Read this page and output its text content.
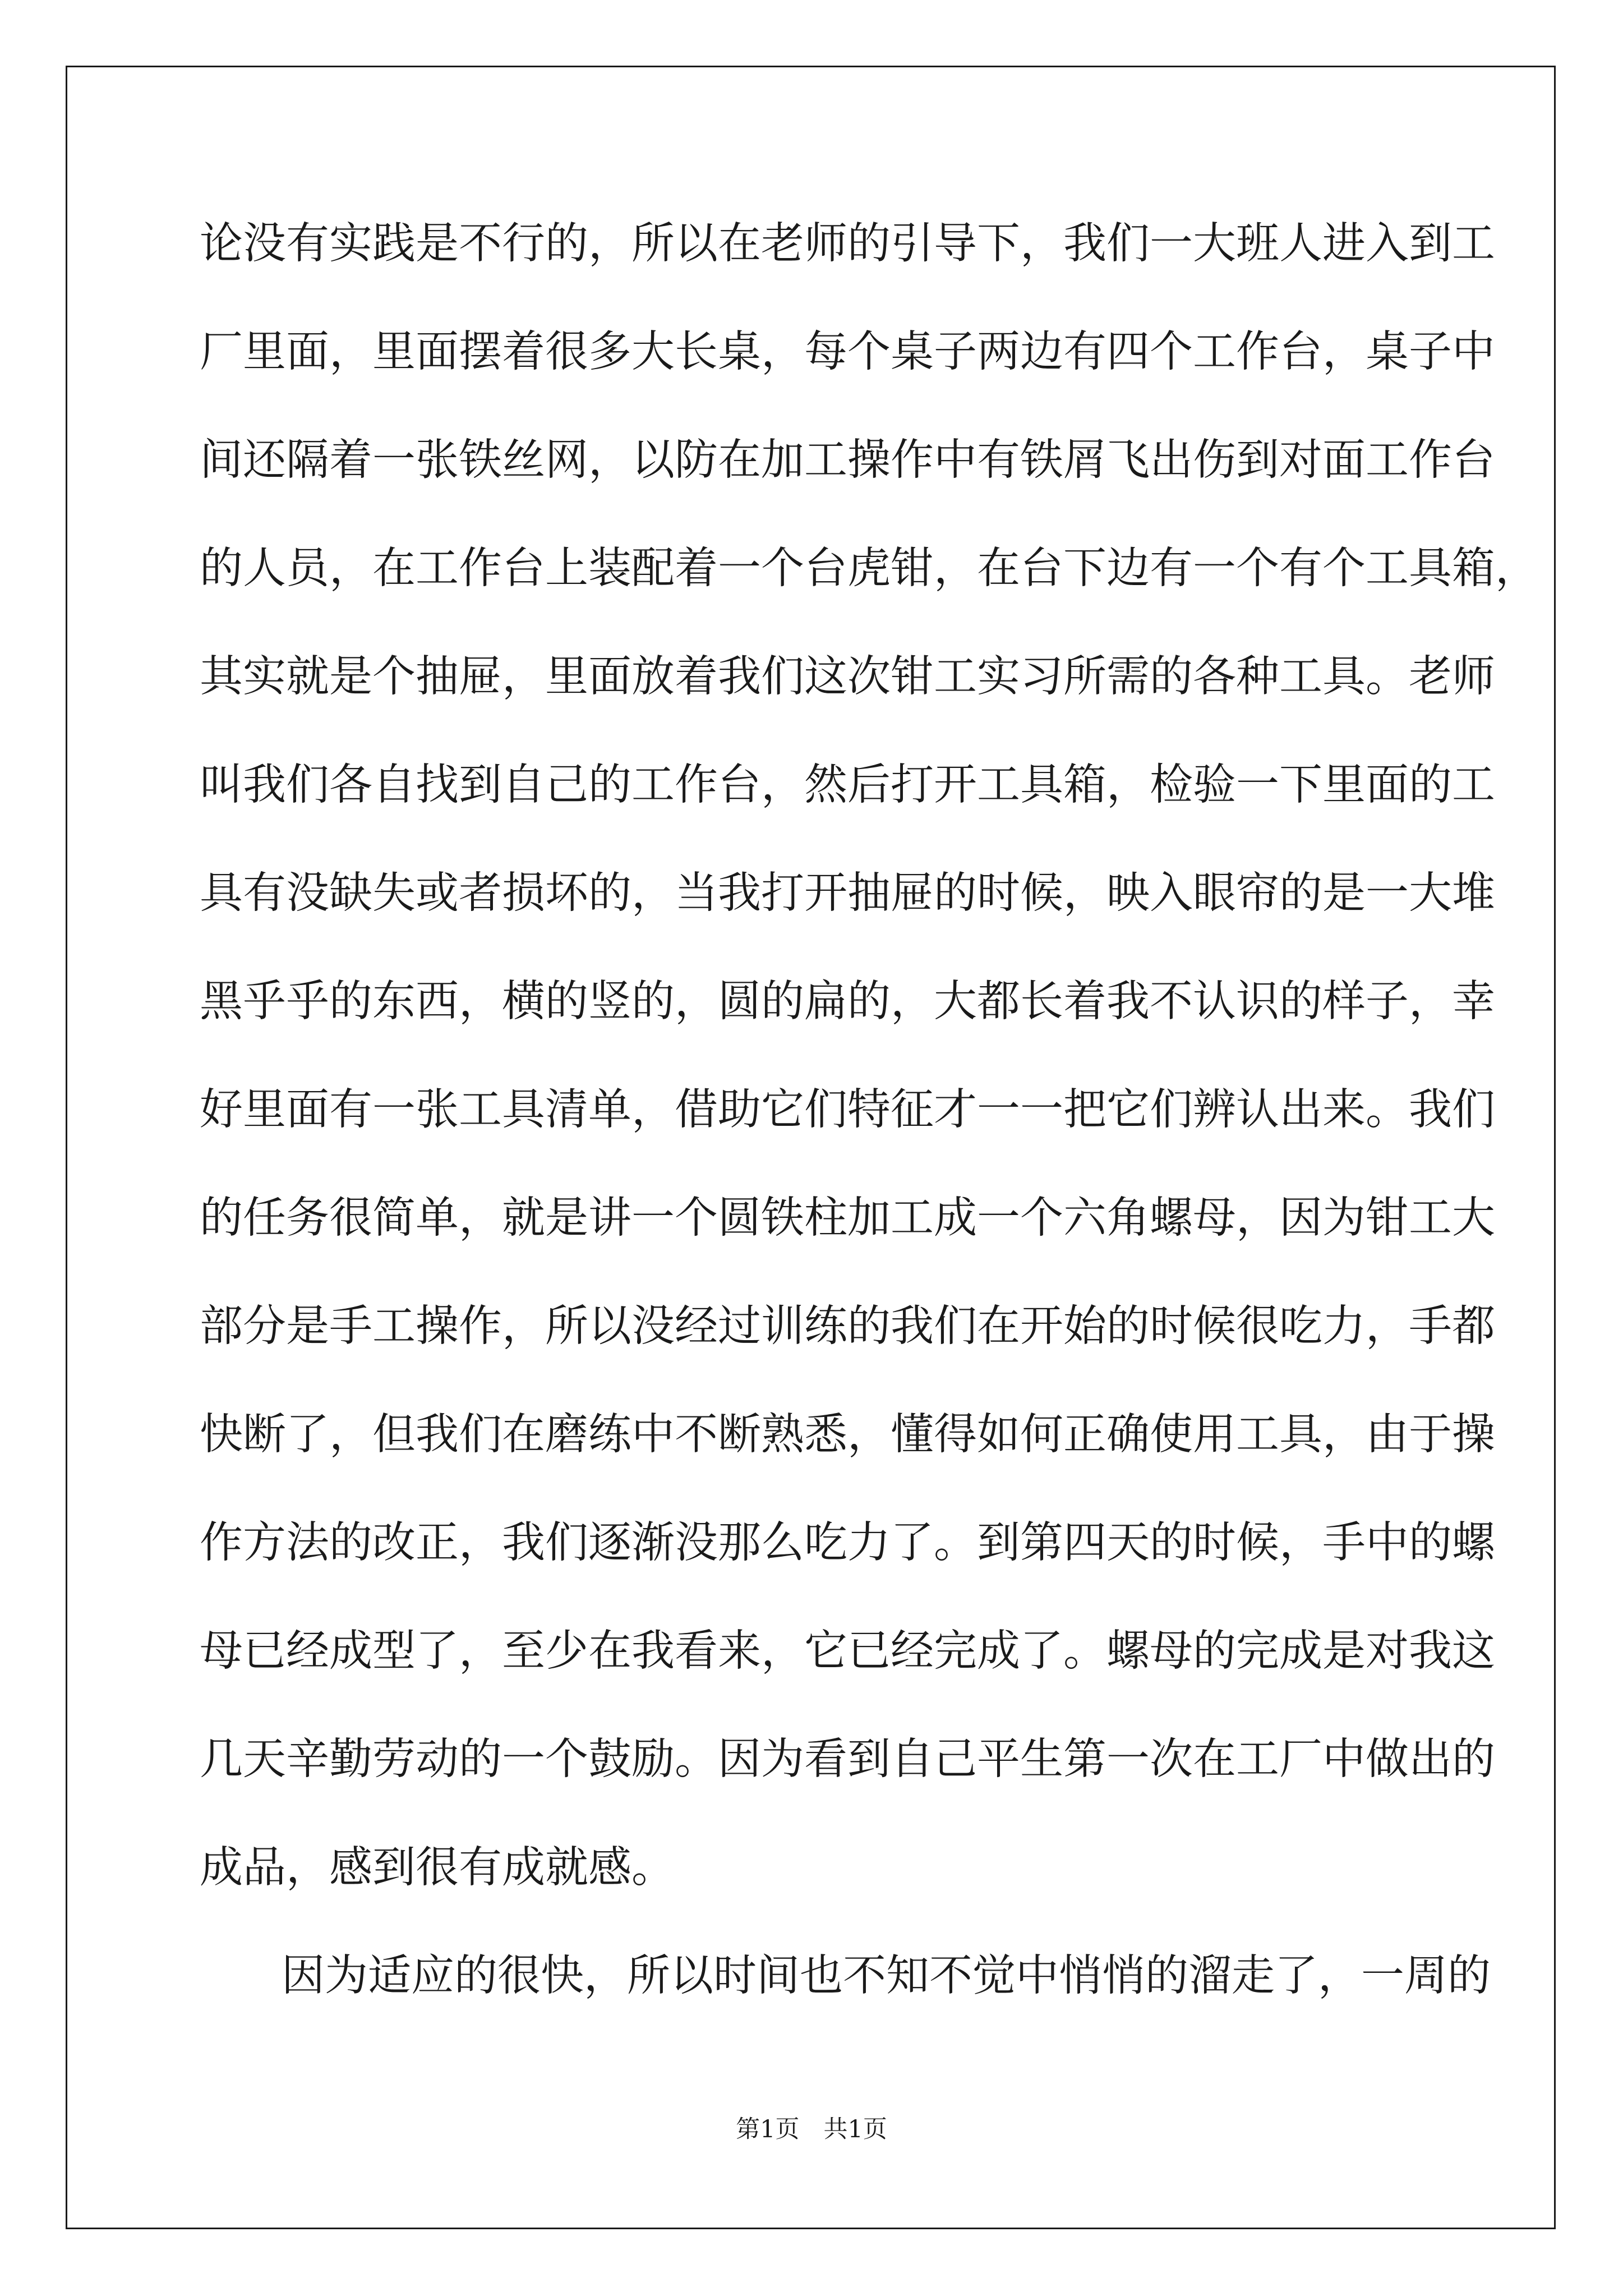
论没有实践是不行的，所以在老师的引导下，我们一大班人进入到工
厂里面，里面摆着很多大长桌，每个桌子两边有四个工作台，桌子中
间还隔着一张铁丝网，以防在加工操作中有铁屑飞出伤到对面工作台
的人员，在工作台上装配着一个台虎钳，在台下边有一个有个工具箱，
其实就是个抽屉，里面放着我们这次钳工实习所需的各种工具。老师
叫我们各自找到自己的工作台，然后打开工具箱，检验一下里面的工
具有没缺失或者损坏的，当我打开抽屉的时候，映入眼帘的是一大堆
黑乎乎的东西，横的竖的，圆的扁的，大都长着我不认识的样子，幸
好里面有一张工具清单，借助它们特征才一一把它们辨认出来。我们
的任务很简单，就是讲一个圆铁柱加工成一个六角螺母，因为钳工大
部分是手工操作，所以没经过训练的我们在开始的时候很吃力，手都
快断了，但我们在磨练中不断熟悉，懂得如何正确使用工具，由于操
作方法的改正，我们逐渐没那么吃力了。到第四天的时候，手中的螺
母已经成型了，至少在我看来，它已经完成了。螺母的完成是对我这
几天辛勤劳动的一个鼓励。因为看到自己平生第一次在工厂中做出的
成品，感到很有成就感。
因为适应的很快，所以时间也不知不觉中悄悄的溜走了，一周的
第1页　共1页
